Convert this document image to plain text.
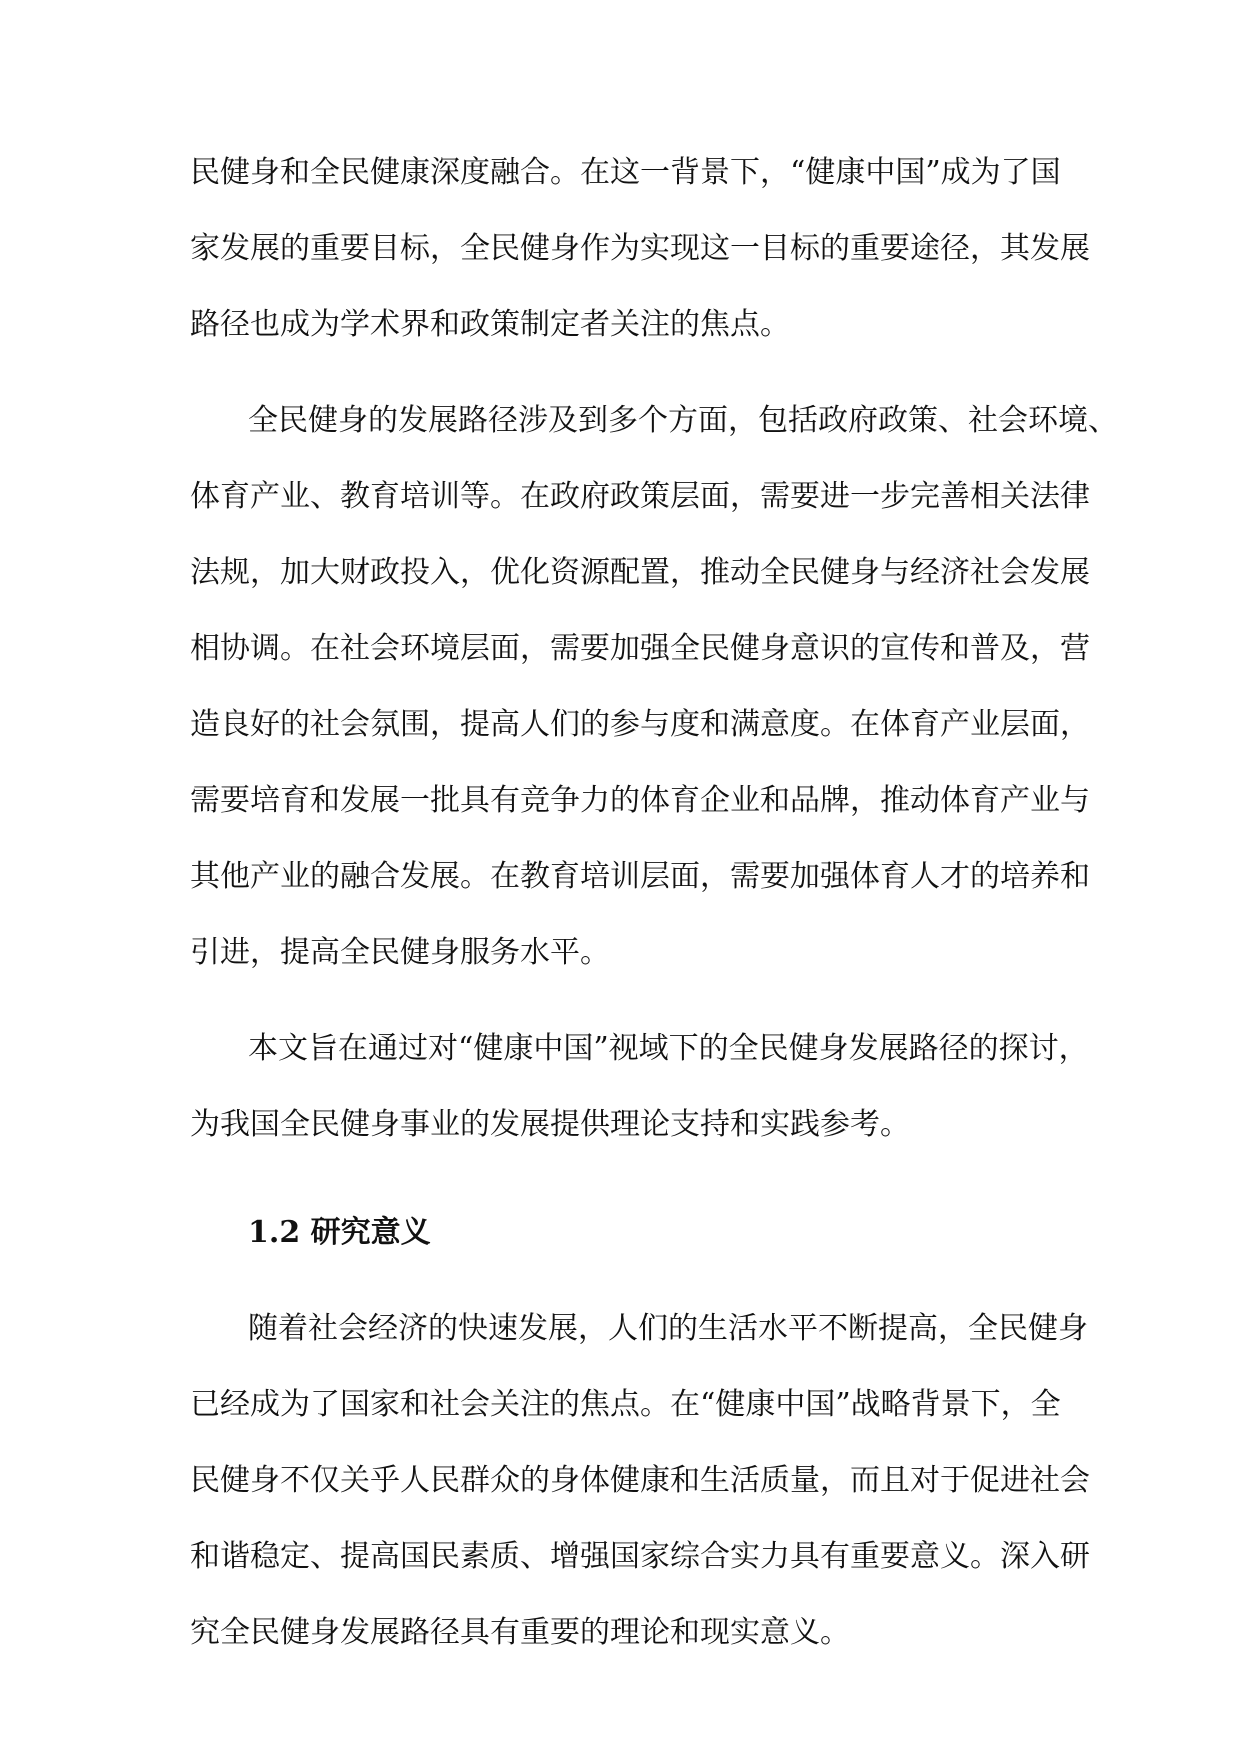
民健身和全民健康深度融合。在这一背景下，“健康中国”成为了国
家发展的重要目标，全民健身作为实现这一目标的重要途径，其发展
路径也成为学术界和政策制定者关注的焦点。
全民健身的发展路径涉及到多个方面，包括政府政策、社会环境、
体育产业、教育培训等。在政府政策层面，需要进一步完善相关法律
法规，加大财政投入，优化资源配置，推动全民健身与经济社会发展
相协调。在社会环境层面，需要加强全民健身意识的宣传和普及，营
造良好的社会氛围，提高人们的参与度和满意度。在体育产业层面，
需要培育和发展一批具有竞争力的体育企业和品牌，推动体育产业与
其他产业的融合发展。在教育培训层面，需要加强体育人才的培养和
引进，提高全民健身服务水平。
本文旨在通过对“健康中国”视域下的全民健身发展路径的探讨，
为我国全民健身事业的发展提供理论支持和实践参考。
1.2 研究意义
随着社会经济的快速发展，人们的生活水平不断提高，全民健身
已经成为了国家和社会关注的焦点。在“健康中国”战略背景下，全
民健身不仅关乎人民群众的身体健康和生活质量，而且对于促进社会
和谐稳定、提高国民素质、增强国家综合实力具有重要意义。深入研
究全民健身发展路径具有重要的理论和现实意义。
